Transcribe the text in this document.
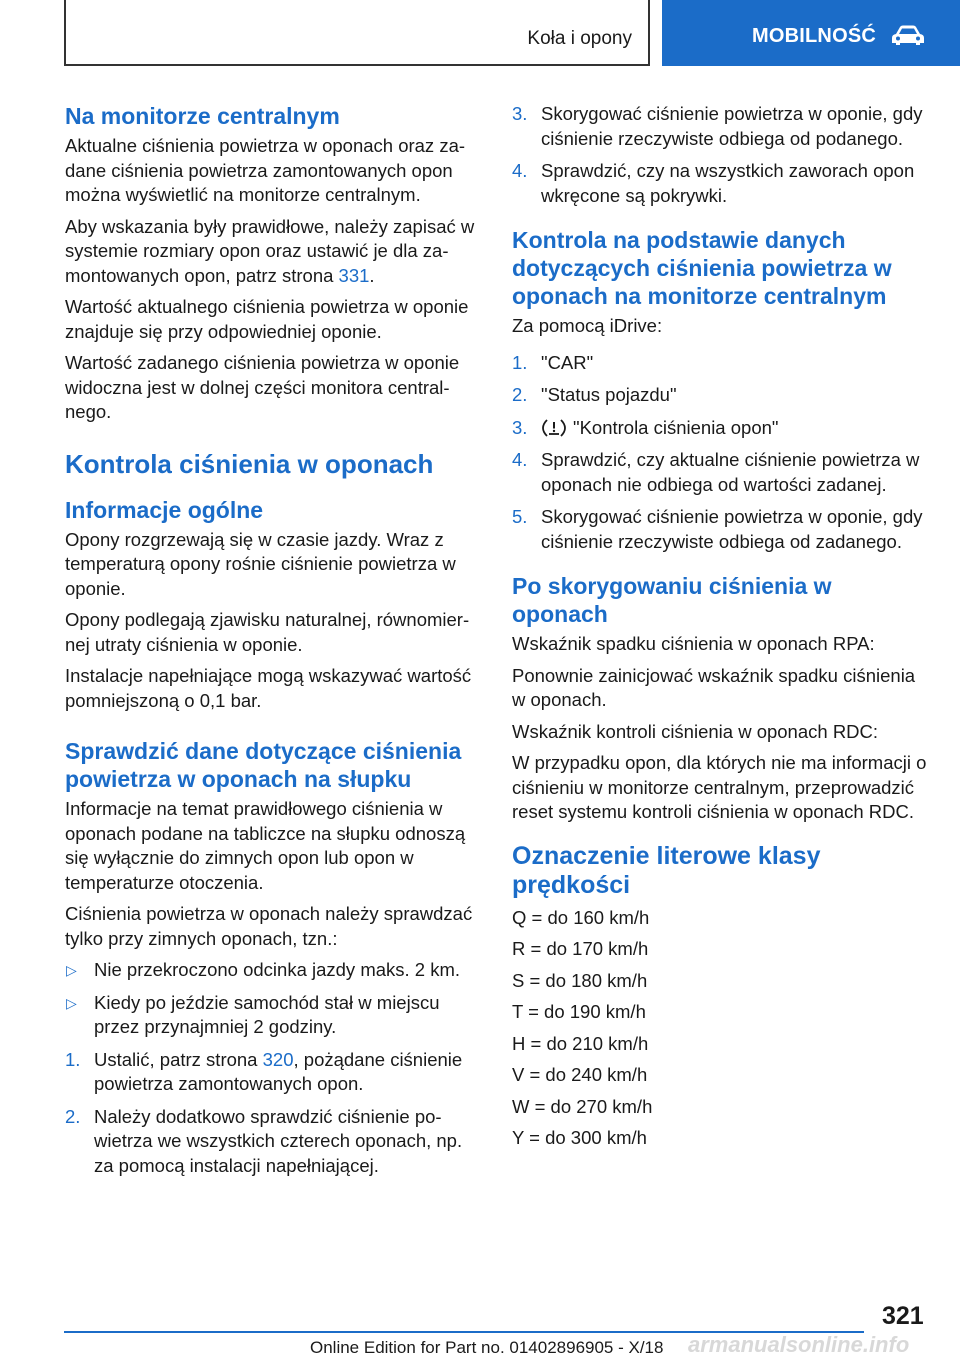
Koła i opony	MOBILNOŚĆ
Na monitorze centralnym

Aktualne ciśnienia powietrza w oponach oraz zadane ciśnienia powietrza zamontowanych opon można wyświetlić na monitorze centralnym.

Aby wskazania były prawidłowe, należy zapisać w systemie rozmiary opon oraz ustawić je dla zamontowanych opon, patrz strona 331.

Wartość aktualnego ciśnienia powietrza w oponie znajduje się przy odpowiedniej oponie.

Wartość zadanego ciśnienia powietrza w oponie widoczna jest w dolnej części monitora centralnego.

Kontrola ciśnienia w oponach
Informacje ogólne

Opony rozgrzewają się w czasie jazdy. Wraz z temperaturą opony rośnie ciśnienie powietrza w oponie.

Opony podlegają zjawisku naturalnej, równomiernej utraty ciśnienia w oponie.

Instalacje napełniające mogą wskazywać wartość pomniejszoną o 0,1 bar.

Sprawdzić dane dotyczące ciśnienia powietrza w oponach na słupku

Informacje na temat prawidłowego ciśnienia w oponach podane na tabliczce na słupku odnoszą się wyłącznie do zimnych opon lub opon w temperaturze otoczenia.

Ciśnienia powietrza w oponach należy sprawdzać tylko przy zimnych oponach, tzn.:

▷ Nie przekroczono odcinka jazdy maks. 2 km.
▷ Kiedy po jeździe samochód stał w miejscu przez przynajmniej 2 godziny.
1. Ustalić, patrz strona 320, pożądane ciśnienie powietrza zamontowanych opon.
2. Należy dodatkowo sprawdzić ciśnienie powietrza we wszystkich czterech oponach, np. za pomocą instalacji napełniającej.
3. Skorygować ciśnienie powietrza w oponie, gdy ciśnienie rzeczywiste odbiega od podanego.
4. Sprawdzić, czy na wszystkich zaworach opon wkręcone są pokrywki.
Kontrola na podstawie danych dotyczących ciśnienia powietrza w oponach na monitorze centralnym

Za pomocą iDrive:

1. "CAR"
2. "Status pojazdu"
3. "Kontrola ciśnienia opon"
4. Sprawdzić, czy aktualne ciśnienie powietrza w oponach nie odbiega od wartości zadanej.
5. Skorygować ciśnienie powietrza w oponie, gdy ciśnienie rzeczywiste odbiega od zadanego.
Po skorygowaniu ciśnienia w oponach

Wskaźnik spadku ciśnienia w oponach RPA:

Ponownie zainicjować wskaźnik spadku ciśnienia w oponach.

Wskaźnik kontroli ciśnienia w oponach RDC:

W przypadku opon, dla których nie ma informacji o ciśnieniu w monitorze centralnym, przeprowadzić reset systemu kontroli ciśnienia w oponach RDC.

Oznaczenie literowe klasy prędkości

Q = do 160 km/h

R = do 170 km/h

S = do 180 km/h

T = do 190 km/h

H = do 210 km/h

V = do 240 km/h

W = do 270 km/h

Y = do 300 km/h

321
armanualsonline.info
Online Edition for Part no. 01402896905 - X/18
